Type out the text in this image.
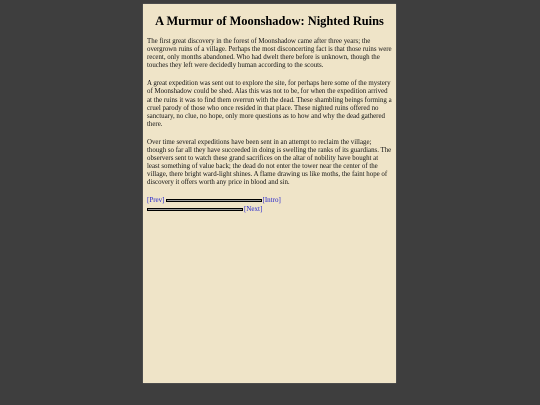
A Murmur of Moonshadow: Nighted Ruins

The first great discovery in the forest of Moonshadow came after three years; the overgrown ruins of a village. Perhaps the most disconcerting fact is that those ruins were recent, only months abandoned. Who had dwelt there before is unknown, though the touches they left were decidedly human according to the scouts.

A great expedition was sent out to explore the site, for perhaps here some of the mystery of Moonshadow could be shed. Alas this was not to be, for when the expedition arrived at the ruins it was to find them overrun with the dead. These shambling beings forming a cruel parody of those who once resided in that place. These nighted ruins offered no sanctuary, no clue, no hope, only more questions as to how and why the dead gathered there.

Over time several expeditions have been sent in an attempt to reclaim the village; though so far all they have succeeded in doing is swelling the ranks of its guardians. The observers sent to watch these grand sacrifices on the altar of nobility have bought at least something of value back; the dead do not enter the tower near the center of the village, there bright ward-light shines. A flame drawing us like moths, the faint hope of discovery it offers worth any price in blood and sin.

[Prev]	[Intro]
[Next]
